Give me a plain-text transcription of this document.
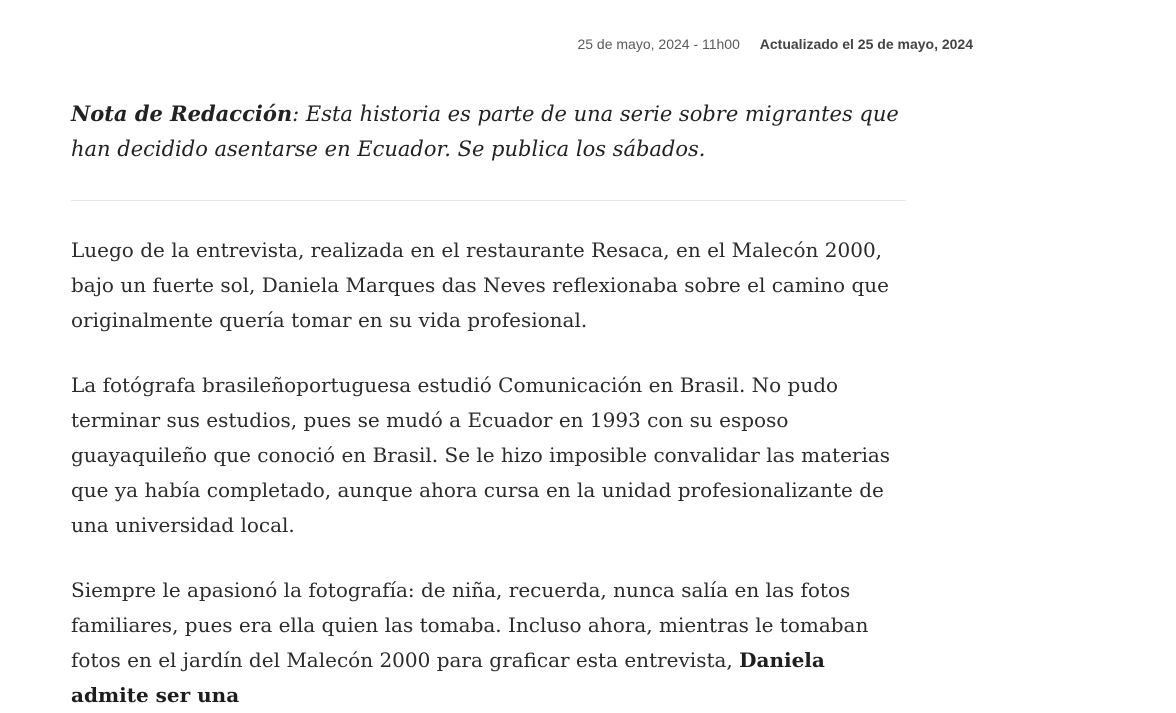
25 de mayo, 2024 - 11h00 Actualizado el 25 de mayo, 2024

Nota de Redacción: Esta historia es parte de una serie sobre migrantes que han decidido asentarse en Ecuador. Se publica los sábados.

Luego de la entrevista, realizada en el restaurante Resaca, en el Malecón 2000, bajo un fuerte sol, Daniela Marques das Neves reflexionaba sobre el camino que originalmente quería tomar en su vida profesional.

La fotógrafa brasileñoportuguesa estudió Comunicación en Brasil. No pudo terminar sus estudios, pues se mudó a Ecuador en 1993 con su esposo guayaquileño que conoció en Brasil. Se le hizo imposible convalidar las materias que ya había completado, aunque ahora cursa en la unidad profesionalizante de una universidad local.

Siempre le apasionó la fotografía: de niña, recuerda, nunca salía en las fotos familiares, pues era ella quien las tomaba. Incluso ahora, mientras le tomaban fotos en el jardín del Malecón 2000 para graficar esta entrevista, Daniela admite ser una
